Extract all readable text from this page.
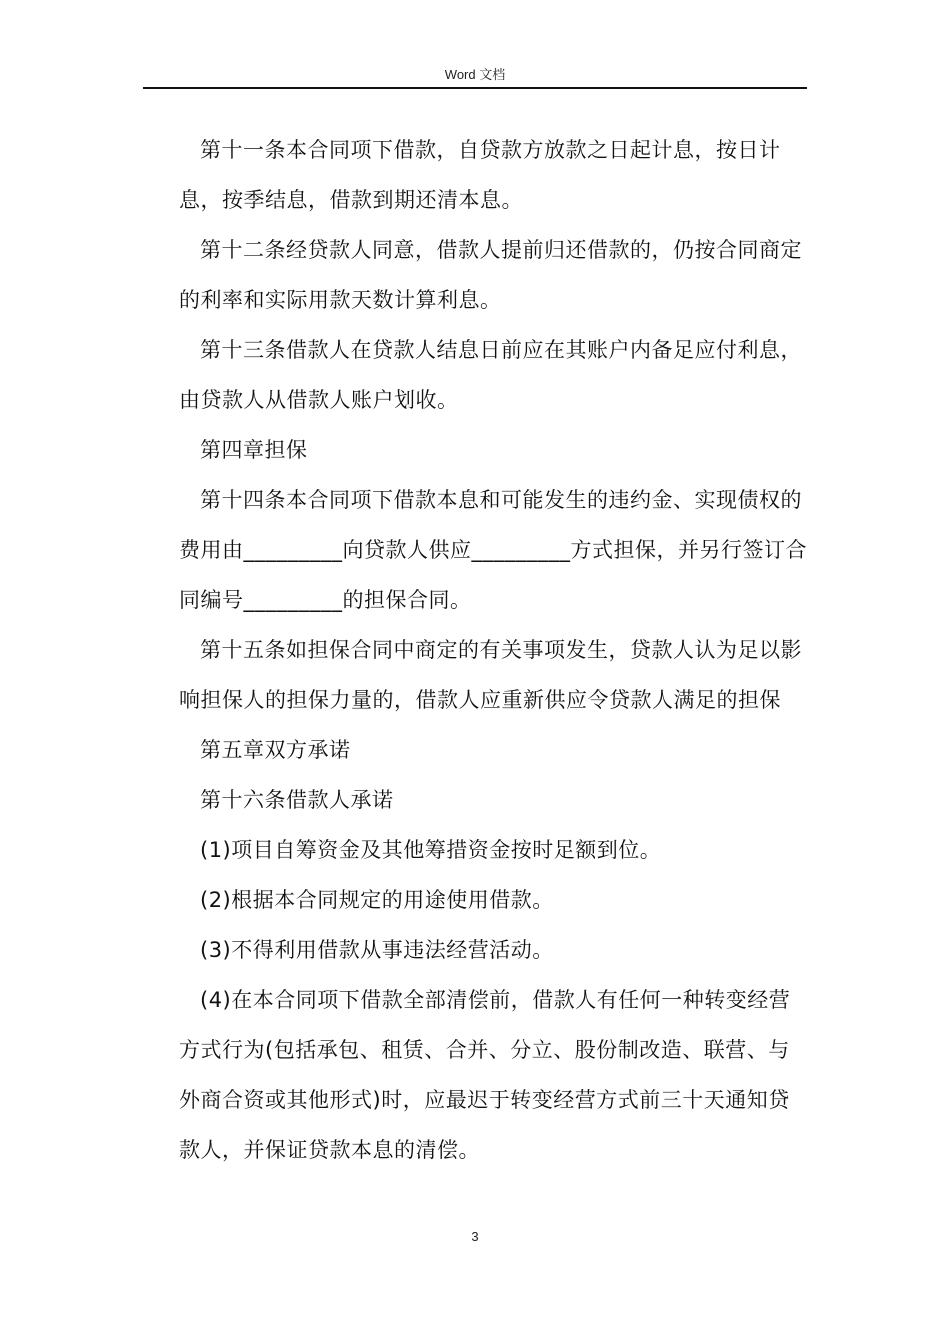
Word 文档

第十一条本合同项下借款，自贷款方放款之日起计息，按日计息，按季结息，借款到期还清本息。

第十二条经贷款人同意，借款人提前归还借款的，仍按合同商定的利率和实际用款天数计算利息。

第十三条借款人在贷款人结息日前应在其账户内备足应付利息，由贷款人从借款人账户划收。

第四章担保

第十四条本合同项下借款本息和可能发生的违约金、实现债权的费用由_________向贷款人供应_________方式担保，并另行签订合同编号_________的担保合同。

第十五条如担保合同中商定的有关事项发生，贷款人认为足以影响担保人的担保力量的，借款人应重新供应令贷款人满足的担保

第五章双方承诺

第十六条借款人承诺

(1)项目自筹资金及其他筹措资金按时足额到位。

(2)根据本合同规定的用途使用借款。

(3)不得利用借款从事违法经营活动。

(4)在本合同项下借款全部清偿前，借款人有任何一种转变经营方式行为(包括承包、租赁、合并、分立、股份制改造、联营、与外商合资或其他形式)时，应最迟于转变经营方式前三十天通知贷款人，并保证贷款本息的清偿。

3
